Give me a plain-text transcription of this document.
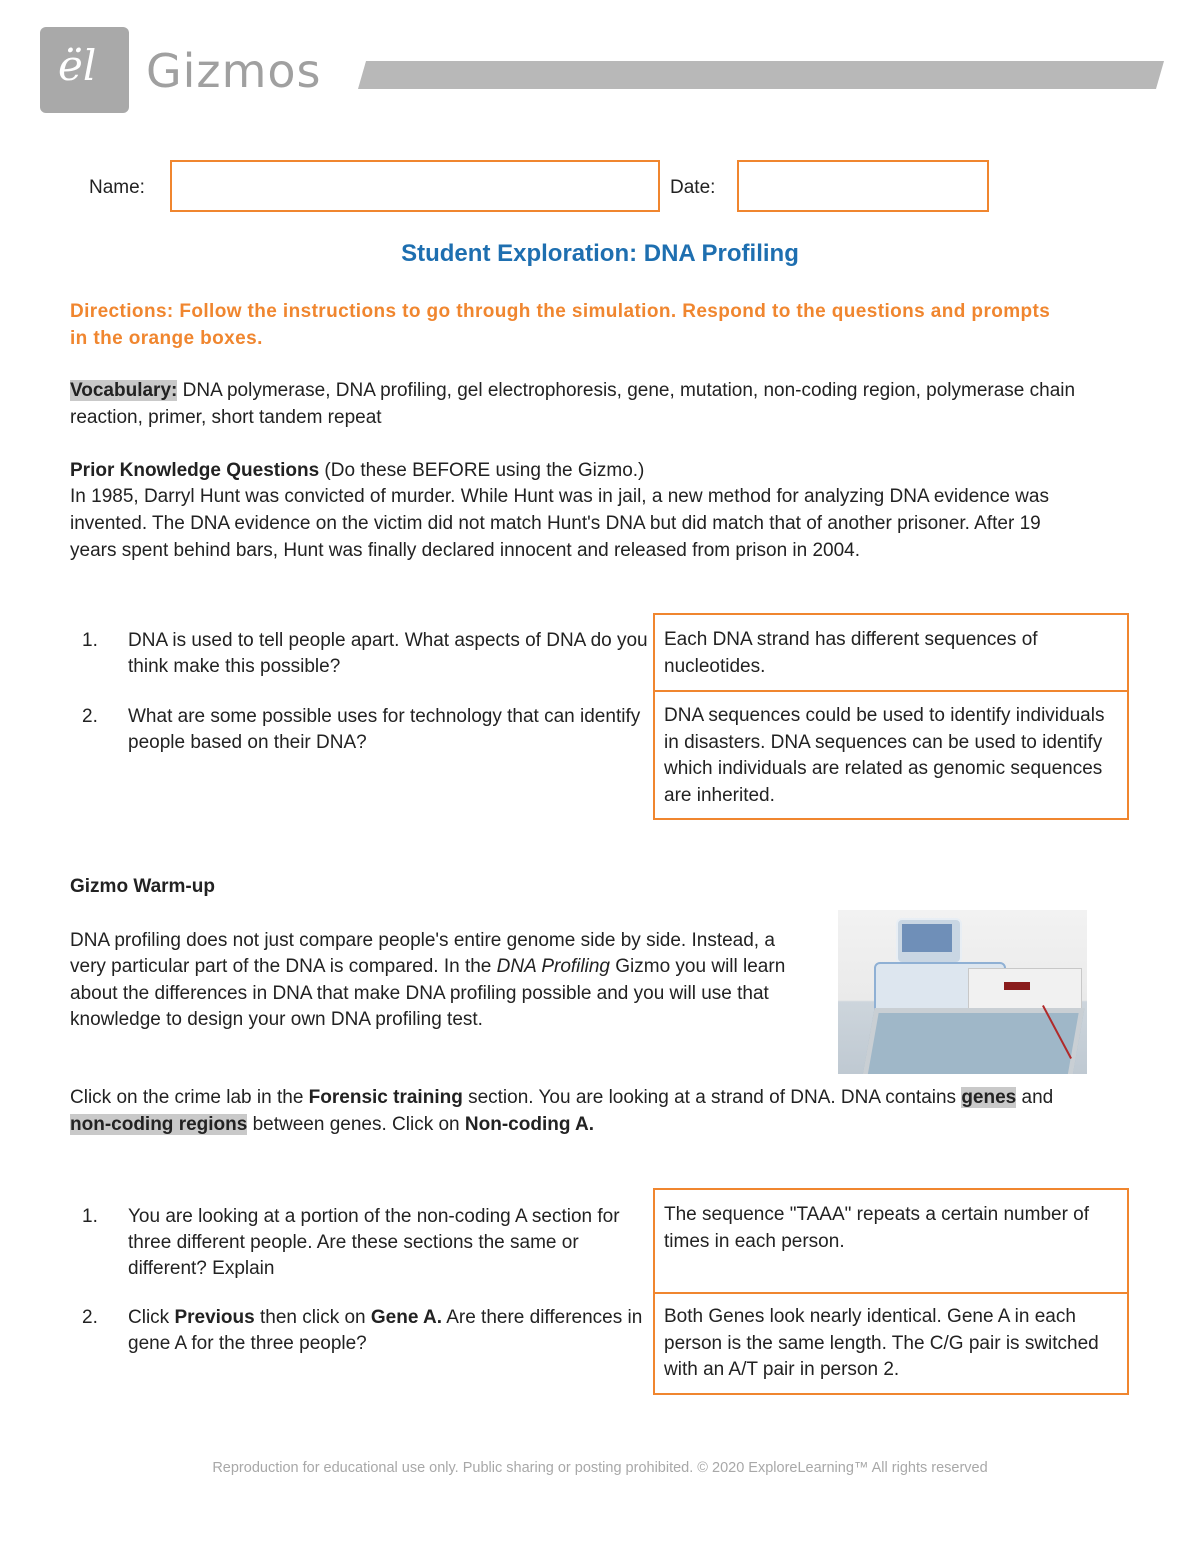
ël Gizmos
Name:	Date:
Student Exploration: DNA Profiling
Directions: Follow the instructions to go through the simulation. Respond to the questions and prompts in the orange boxes.
Vocabulary: DNA polymerase, DNA profiling, gel electrophoresis, gene, mutation, non-coding region, polymerase chain reaction, primer, short tandem repeat
Prior Knowledge Questions (Do these BEFORE using the Gizmo.)
In 1985, Darryl Hunt was convicted of murder. While Hunt was in jail, a new method for analyzing DNA evidence was invented. The DNA evidence on the victim did not match Hunt's DNA but did match that of another prisoner. After 19 years spent behind bars, Hunt was finally declared innocent and released from prison in 2004.
1. DNA is used to tell people apart. What aspects of DNA do you think make this possible?
2. What are some possible uses for technology that can identify people based on their DNA?
Each DNA strand has different sequences of nucleotides.
DNA sequences could be used to identify individuals in disasters. DNA sequences can be used to identify which individuals are related as genomic sequences are inherited.
Gizmo Warm-up
DNA profiling does not just compare people's entire genome side by side. Instead, a very particular part of the DNA is compared. In the DNA Profiling Gizmo you will learn about the differences in DNA that make DNA profiling possible and you will use that knowledge to design your own DNA profiling test.
Click on the crime lab in the Forensic training section. You are looking at a strand of DNA. DNA contains genes and non-coding regions between genes. Click on Non-coding A.
1. You are looking at a portion of the non-coding A section for three different people. Are these sections the same or different? Explain
2. Click Previous then click on Gene A. Are there differences in gene A for the three people?
The sequence "TAAA" repeats a certain number of times in each person.
Both Genes look nearly identical. Gene A in each person is the same length. The C/G pair is switched with an A/T pair in person 2.
Reproduction for educational use only. Public sharing or posting prohibited. © 2020 ExploreLearning™ All rights reserved
